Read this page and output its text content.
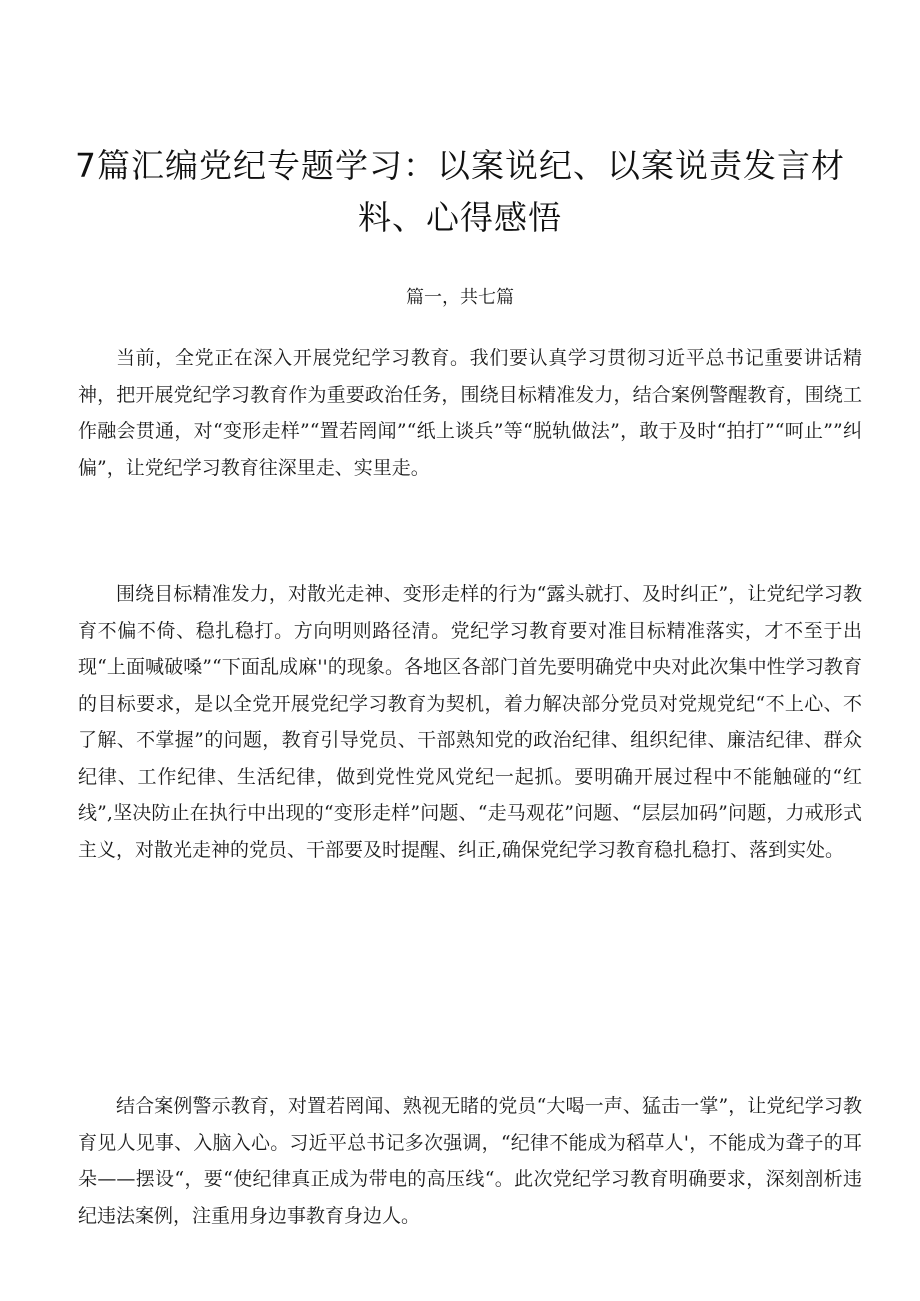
7篇汇编党纪专题学习：以案说纪、以案说责发言材料、心得感悟
篇一，共七篇

当前，全党正在深入开展党纪学习教育。我们要认真学习贯彻习近平总书记重要讲话精神，把开展党纪学习教育作为重要政治任务，围绕目标精准发力，结合案例警醒教育，围绕工作融会贯通，对“变形走样”“置若罔闻”“纸上谈兵”等“脱轨做法”，敢于及时“拍打”“呵止””纠偏”，让党纪学习教育往深里走、实里走。

围绕目标精准发力，对散光走神、变形走样的行为“露头就打、及时纠正”，让党纪学习教育不偏不倚、稳扎稳打。方向明则路径清。党纪学习教育要对准目标精准落实，才不至于出现“上面喊破嗓”“下面乱成麻''的现象。各地区各部门首先要明确党中央对此次集中性学习教育的目标要求，是以全党开展党纪学习教育为契机，着力解决部分党员对党规党纪“不上心、不了解、不掌握”的问题，教育引导党员、干部熟知党的政治纪律、组织纪律、廉洁纪律、群众纪律、工作纪律、生活纪律，做到党性党风党纪一起抓。要明确开展过程中不能触碰的“红线”,坚决防止在执行中出现的“变形走样”问题、“走马观花”问题、“层层加码”问题，力戒形式主义，对散光走神的党员、干部要及时提醒、纠正,确保党纪学习教育稳扎稳打、落到实处。

结合案例警示教育，对置若罔闻、熟视无睹的党员“大喝一声、猛击一掌”，让党纪学习教育见人见事、入脑入心。习近平总书记多次强调，“纪律不能成为稻草人'，不能成为聋子的耳朵——摆设“，要“使纪律真正成为带电的高压线“。此次党纪学习教育明确要求，深刻剖析违纪违法案例，注重用身边事教育身边人。
